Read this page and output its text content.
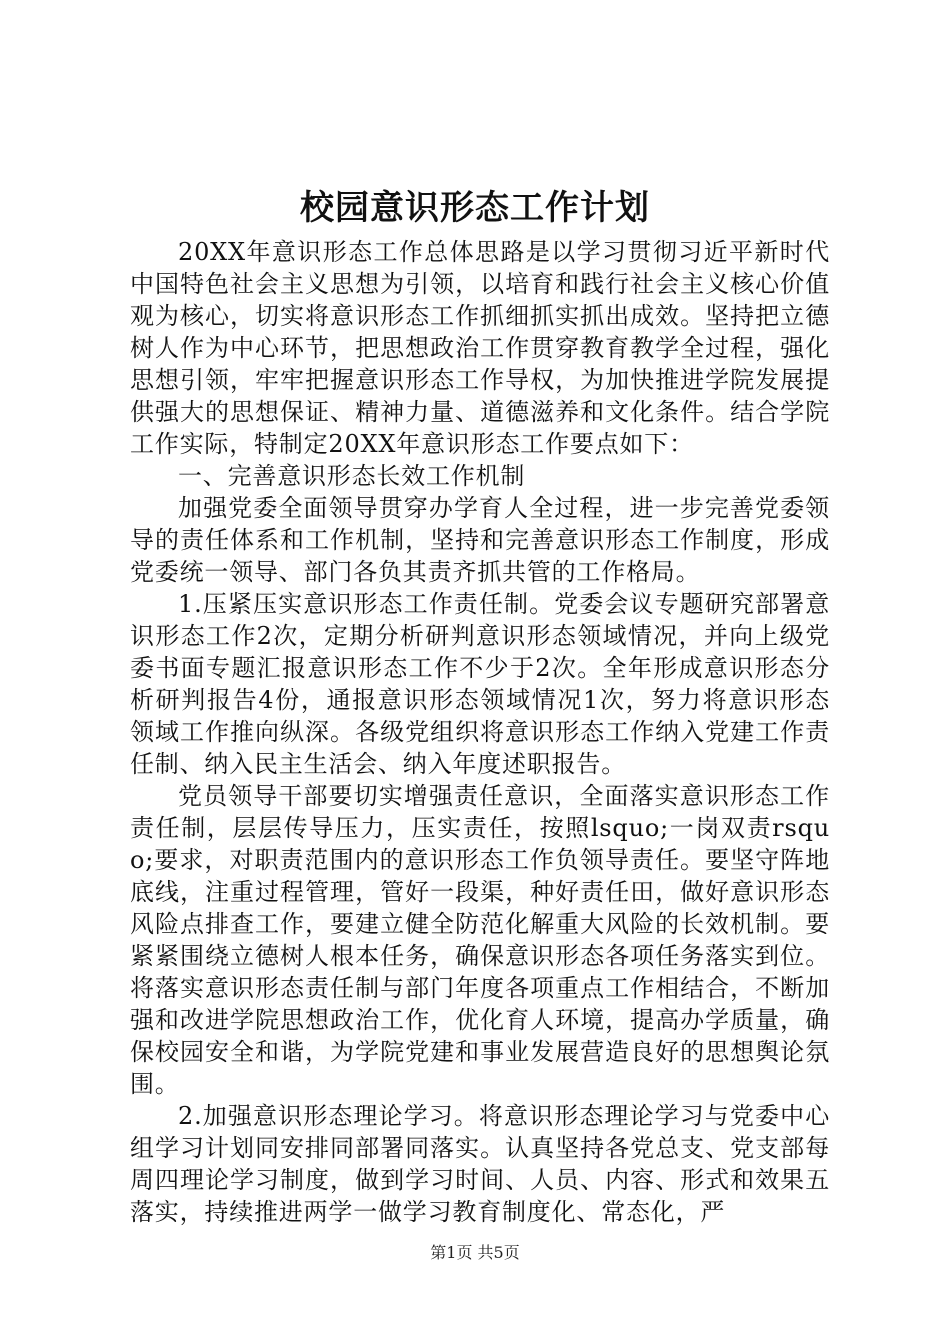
校园意识形态工作计划

20XX年意识形态工作总体思路是以学习贯彻习近平新时代中国特色社会主义思想为引领，以培育和践行社会主义核心价值观为核心，切实将意识形态工作抓细抓实抓出成效。坚持把立德树人作为中心环节，把思想政治工作贯穿教育教学全过程，强化思想引领，牢牢把握意识形态工作导权，为加快推进学院发展提供强大的思想保证、精神力量、道德滋养和文化条件。结合学院工作实际，特制定20XX年意识形态工作要点如下：

一、完善意识形态长效工作机制

加强党委全面领导贯穿办学育人全过程，进一步完善党委领导的责任体系和工作机制，坚持和完善意识形态工作制度，形成党委统一领导、部门各负其责齐抓共管的工作格局。

1.压紧压实意识形态工作责任制。党委会议专题研究部署意识形态工作2次，定期分析研判意识形态领域情况，并向上级党委书面专题汇报意识形态工作不少于2次。全年形成意识形态分析研判报告4份，通报意识形态领域情况1次，努力将意识形态领域工作推向纵深。各级党组织将意识形态工作纳入党建工作责任制、纳入民主生活会、纳入年度述职报告。

党员领导干部要切实增强责任意识，全面落实意识形态工作责任制，层层传导压力，压实责任，按照lsquo;一岗双责rsquo;要求，对职责范围内的意识形态工作负领导责任。要坚守阵地底线，注重过程管理，管好一段渠，种好责任田，做好意识形态风险点排查工作，要建立健全防范化解重大风险的长效机制。要紧紧围绕立德树人根本任务，确保意识形态各项任务落实到位。将落实意识形态责任制与部门年度各项重点工作相结合，不断加强和改进学院思想政治工作，优化育人环境，提高办学质量，确保校园安全和谐，为学院党建和事业发展营造良好的思想舆论氛围。

2.加强意识形态理论学习。将意识形态理论学习与党委中心组学习计划同安排同部署同落实。认真坚持各党总支、党支部每周四理论学习制度，做到学习时间、人员、内容、形式和效果五落实，持续推进两学一做学习教育制度化、常态化，严

第1页 共5页
